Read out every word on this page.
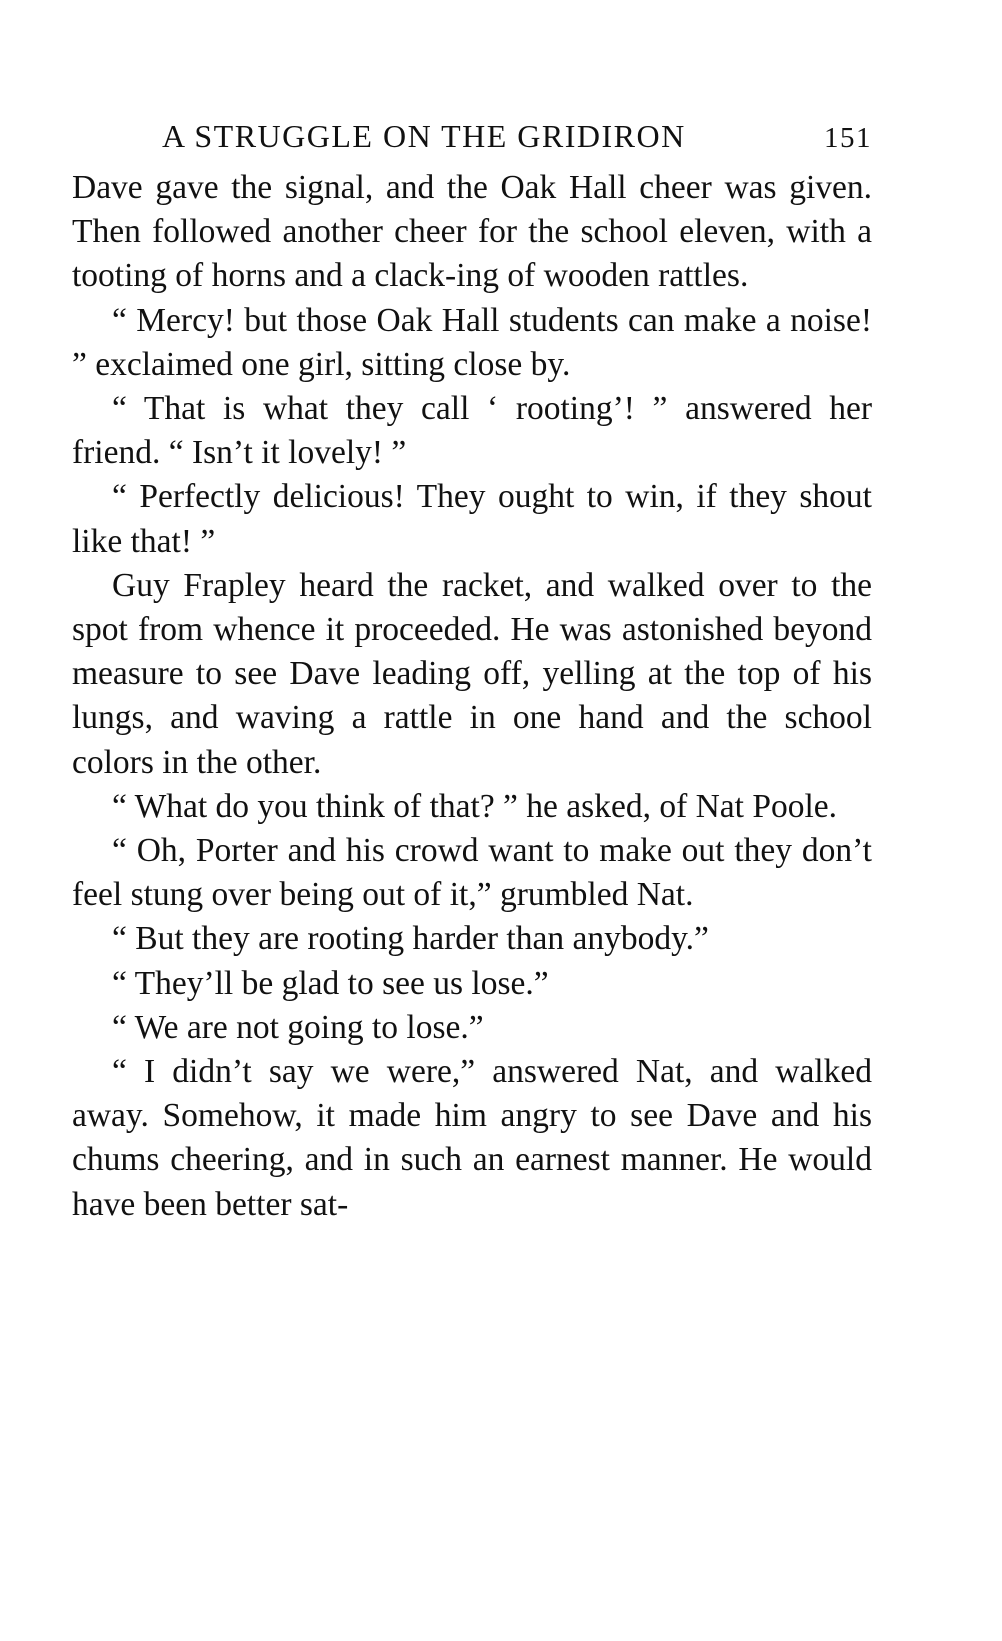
A STRUGGLE ON THE GRIDIRON	151

Dave gave the signal, and the Oak Hall cheer was given. Then followed another cheer for the school eleven, with a tooting of horns and a clack-ing of wooden rattles.

“ Mercy! but those Oak Hall students can make a noise! ” exclaimed one girl, sitting close by.

“ That is what they call ‘ rooting’! ” answered her friend. “ Isn’t it lovely! ”

“ Perfectly delicious! They ought to win, if they shout like that! ”

Guy Frapley heard the racket, and walked over to the spot from whence it proceeded. He was astonished beyond measure to see Dave leading off, yelling at the top of his lungs, and waving a rattle in one hand and the school colors in the other.

“ What do you think of that? ” he asked, of Nat Poole.

“ Oh, Porter and his crowd want to make out they don’t feel stung over being out of it,” grumbled Nat.

“ But they are rooting harder than anybody.”

“ They’ll be glad to see us lose.”

“ We are not going to lose.”

“ I didn’t say we were,” answered Nat, and walked away. Somehow, it made him angry to see Dave and his chums cheering, and in such an earnest manner. He would have been better sat-
